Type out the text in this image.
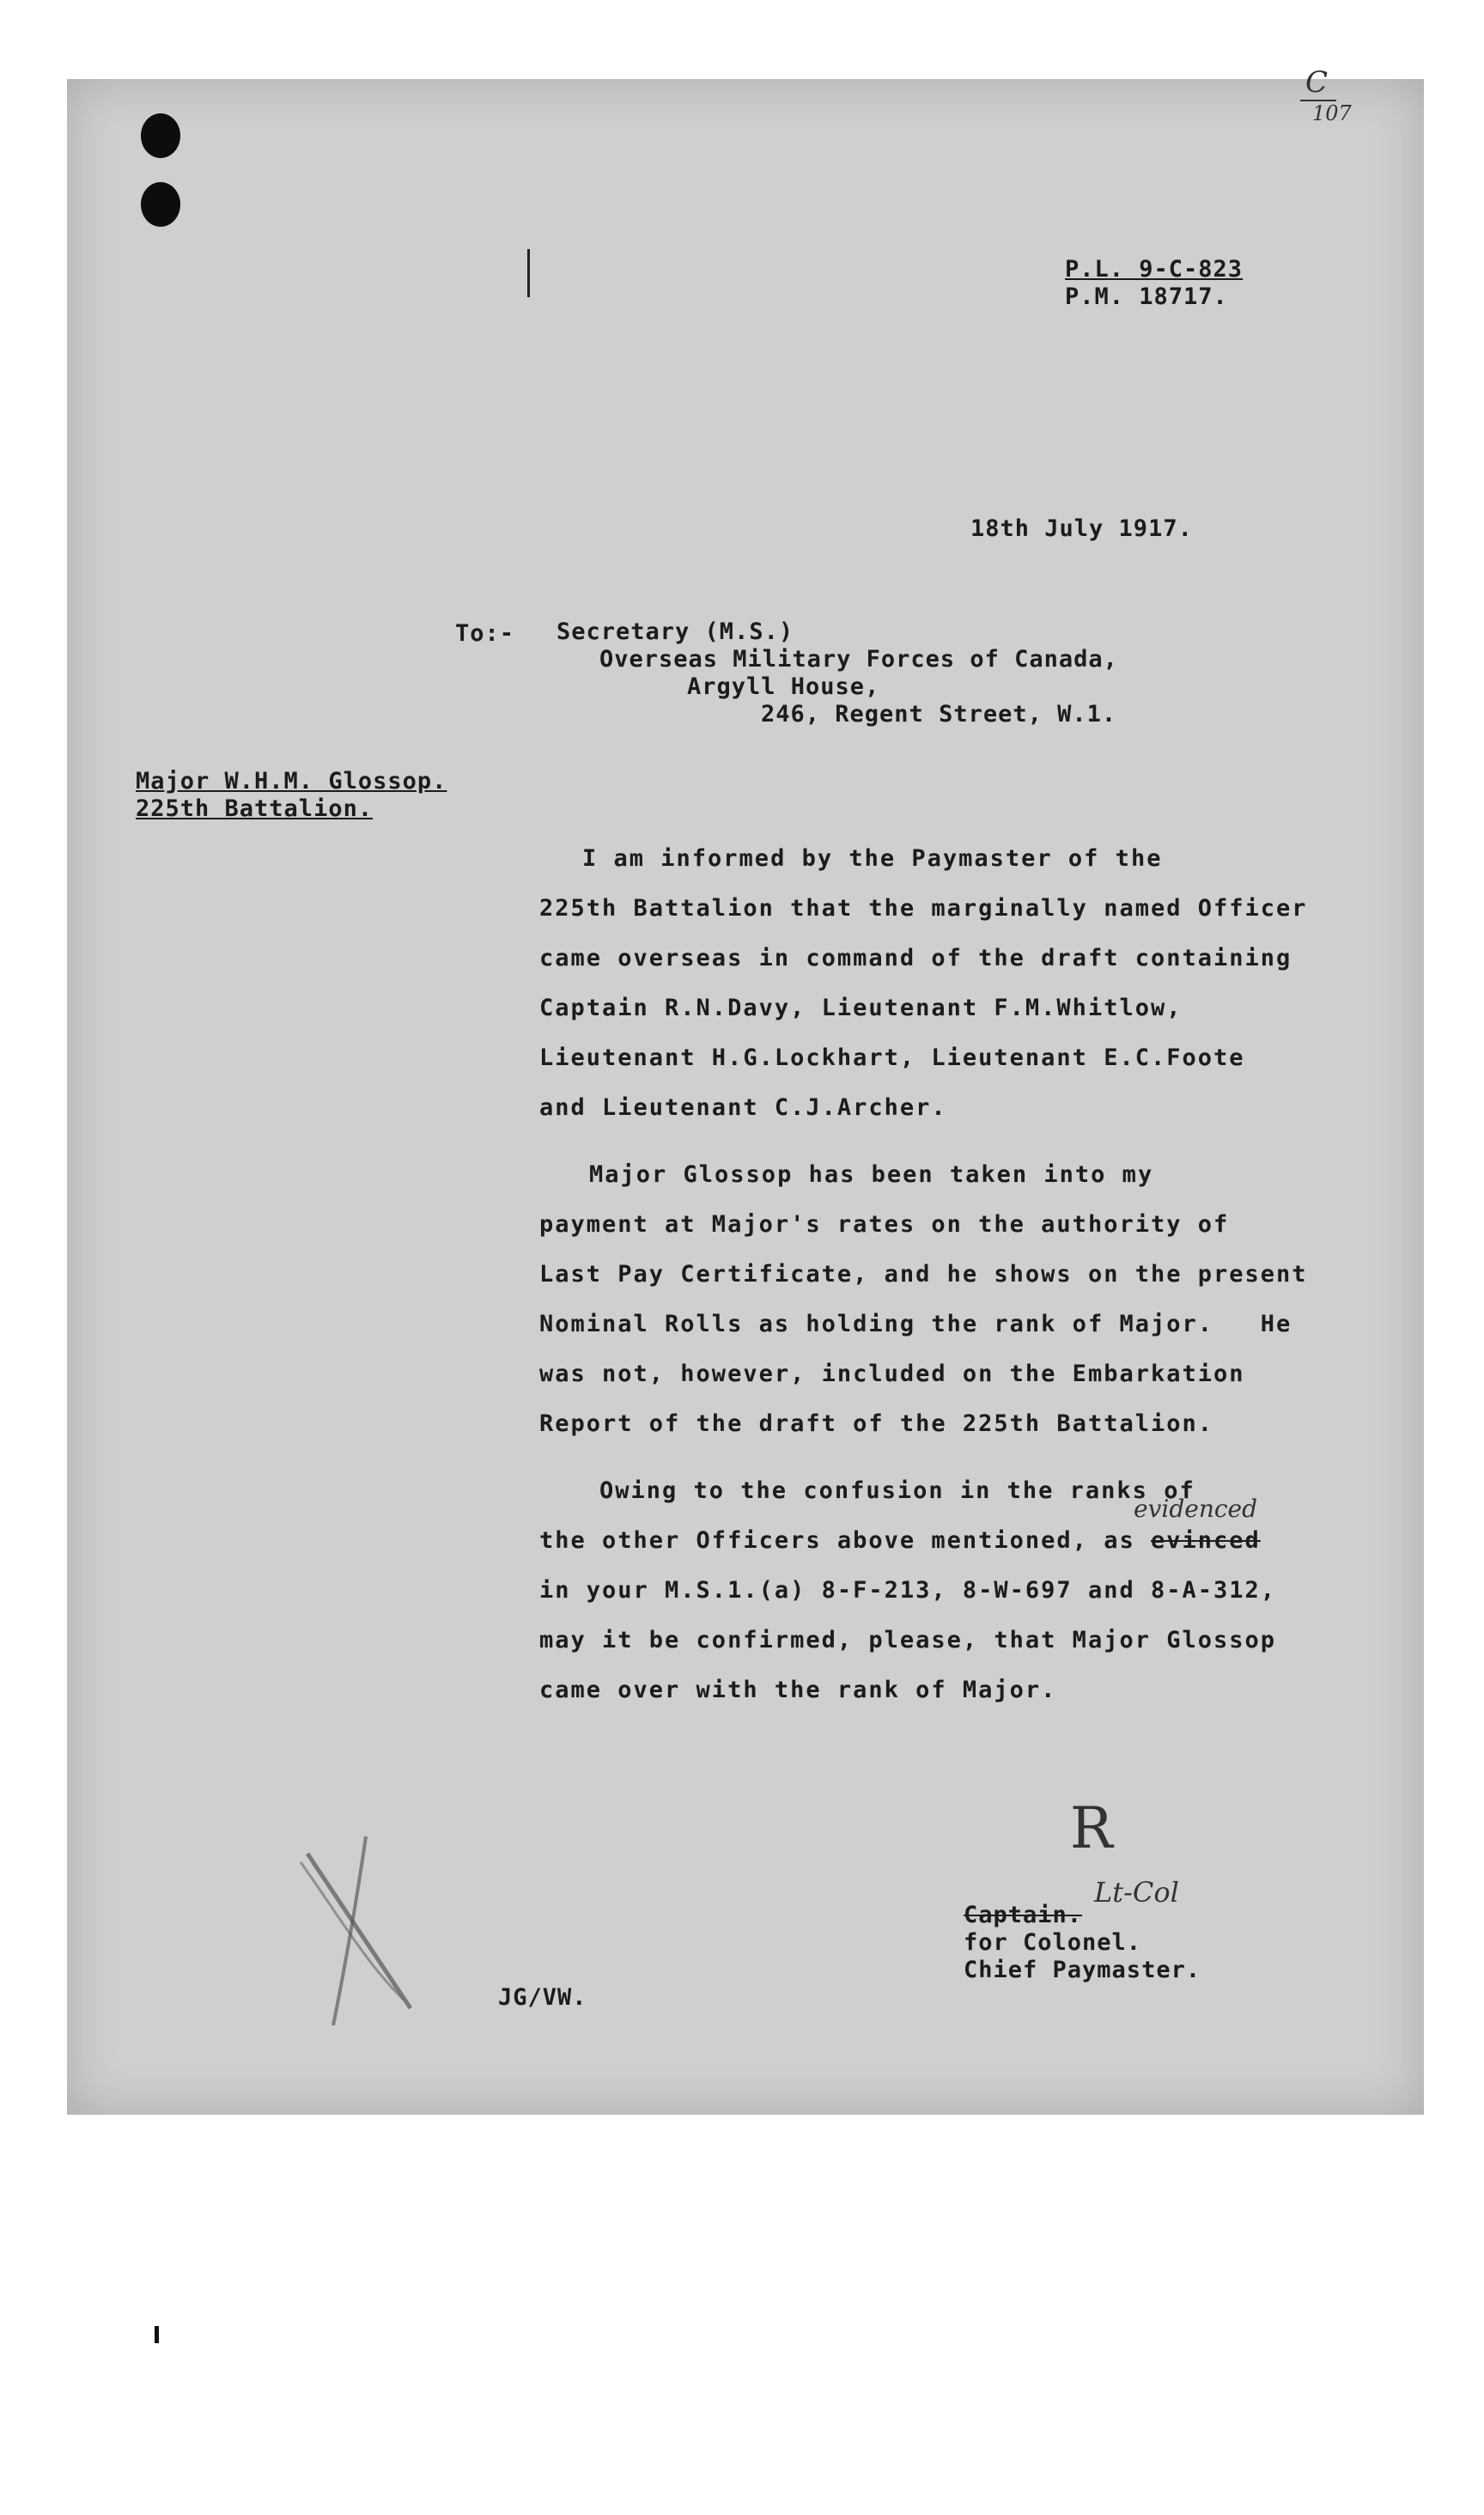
C
107
P.L. 9-C-823
P.M. 18717.
18th July 1917.
To:- Secretary (M.S.)
Overseas Military Forces of Canada,
Argyll House,
246, Regent Street, W.1.
Major W.H.M. Glossop.
225th Battalion.
I am informed by the Paymaster of the
225th Battalion that the marginally named Officer
came overseas in command of the draft containing
Captain R.N.Davy, Lieutenant F.M.Whitlow,
Lieutenant H.G.Lockhart, Lieutenant E.C.Foote
and Lieutenant C.J.Archer.
Major Glossop has been taken into my
payment at Major's rates on the authority of
Last Pay Certificate, and he shows on the present
Nominal Rolls as holding the rank of Major.   He
was not, however, included on the Embarkation
Report of the draft of the 225th Battalion.
Owing to the confusion in the ranks of
the other Officers above mentioned, as evinced
evidenced
in your M.S.1.(a) 8-F-213, 8-W-697 and 8-A-312,
may it be confirmed, please, that Major Glossop
came over with the rank of Major.
R
Captain.
Lt-Col
for Colonel.
Chief Paymaster.
JG/VW.
